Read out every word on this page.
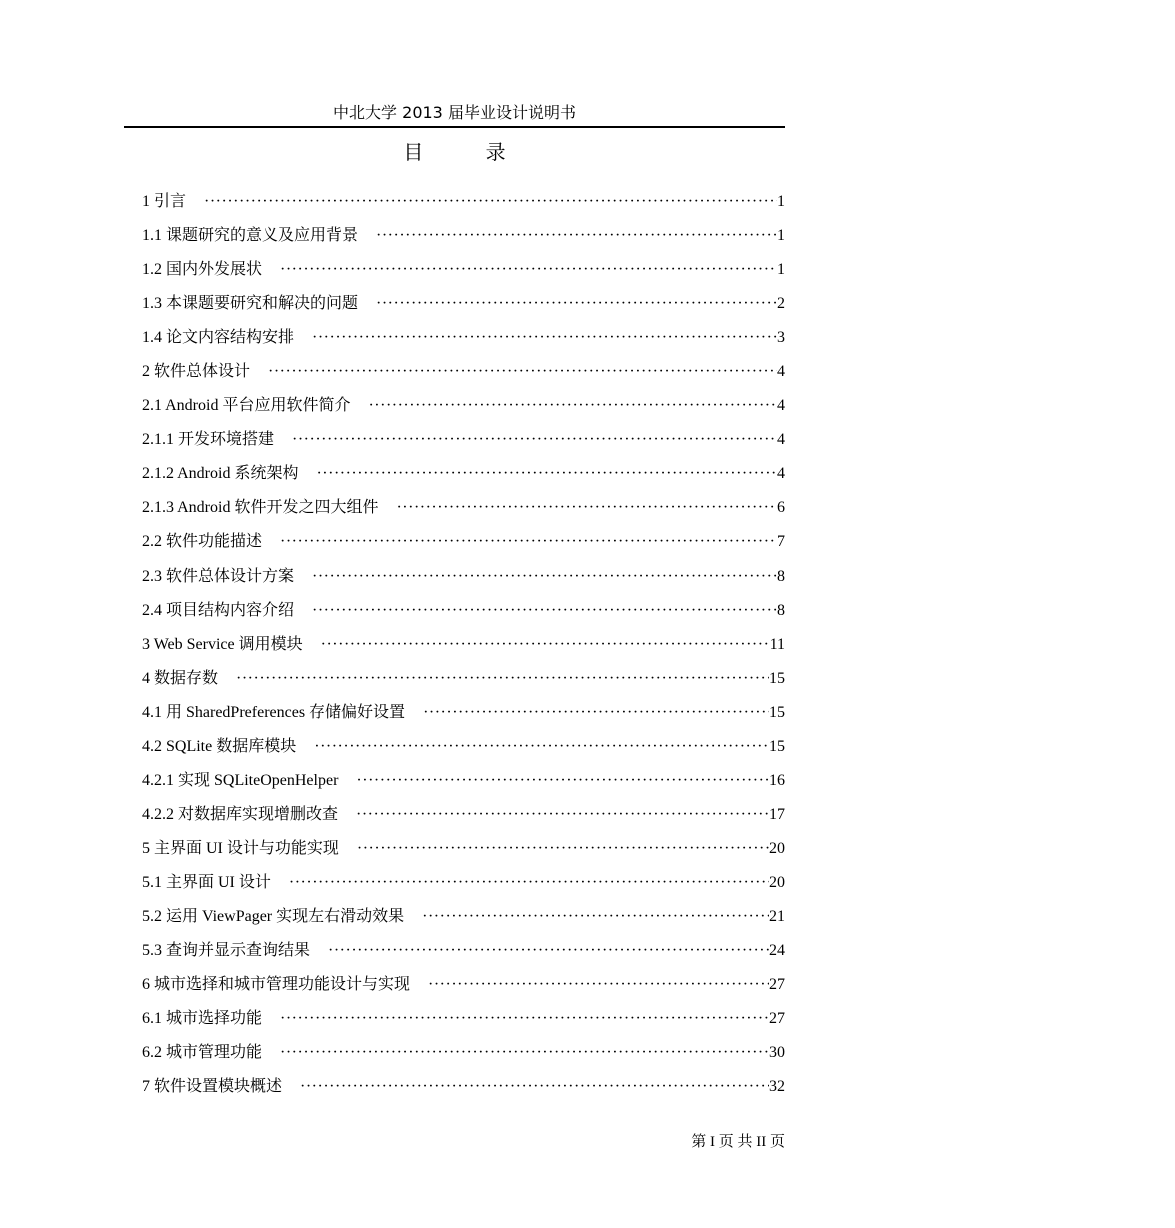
中北大学 2013 届毕业设计说明书
目 录
1 引言 ·····	1
1.1 课题研究的意义及应用背景 ·····	1
1.2 国内外发展状 ·····	1
1.3 本课题要研究和解决的问题 ·····	2
1.4 论文内容结构安排 ·····	3
2 软件总体设计 ·····	4
2.1 Android 平台应用软件简介 ·····	4
2.1.1 开发环境搭建 ·····	4
2.1.2 Android 系统架构 ·····	4
2.1.3 Android 软件开发之四大组件 ·····	6
2.2 软件功能描述 ·····	7
2.3 软件总体设计方案 ·····	8
2.4 项目结构内容介绍 ·····	8
3 Web Service 调用模块 ·····	11
4 数据存数 ·····	15
4.1 用 SharedPreferences 存储偏好设置 ·····	15
4.2 SQLite 数据库模块 ·····	15
4.2.1 实现 SQLiteOpenHelper ·····	16
4.2.2 对数据库实现增删改查 ·····	17
5 主界面 UI 设计与功能实现 ·····	20
5.1 主界面 UI 设计 ·····	20
5.2 运用 ViewPager 实现左右滑动效果 ·····	21
5.3 查询并显示查询结果 ·····	24
6 城市选择和城市管理功能设计与实现 ·····	27
6.1 城市选择功能 ·····	27
6.2 城市管理功能 ·····	30
7 软件设置模块概述 ·····	32
第 I 页 共 II 页
